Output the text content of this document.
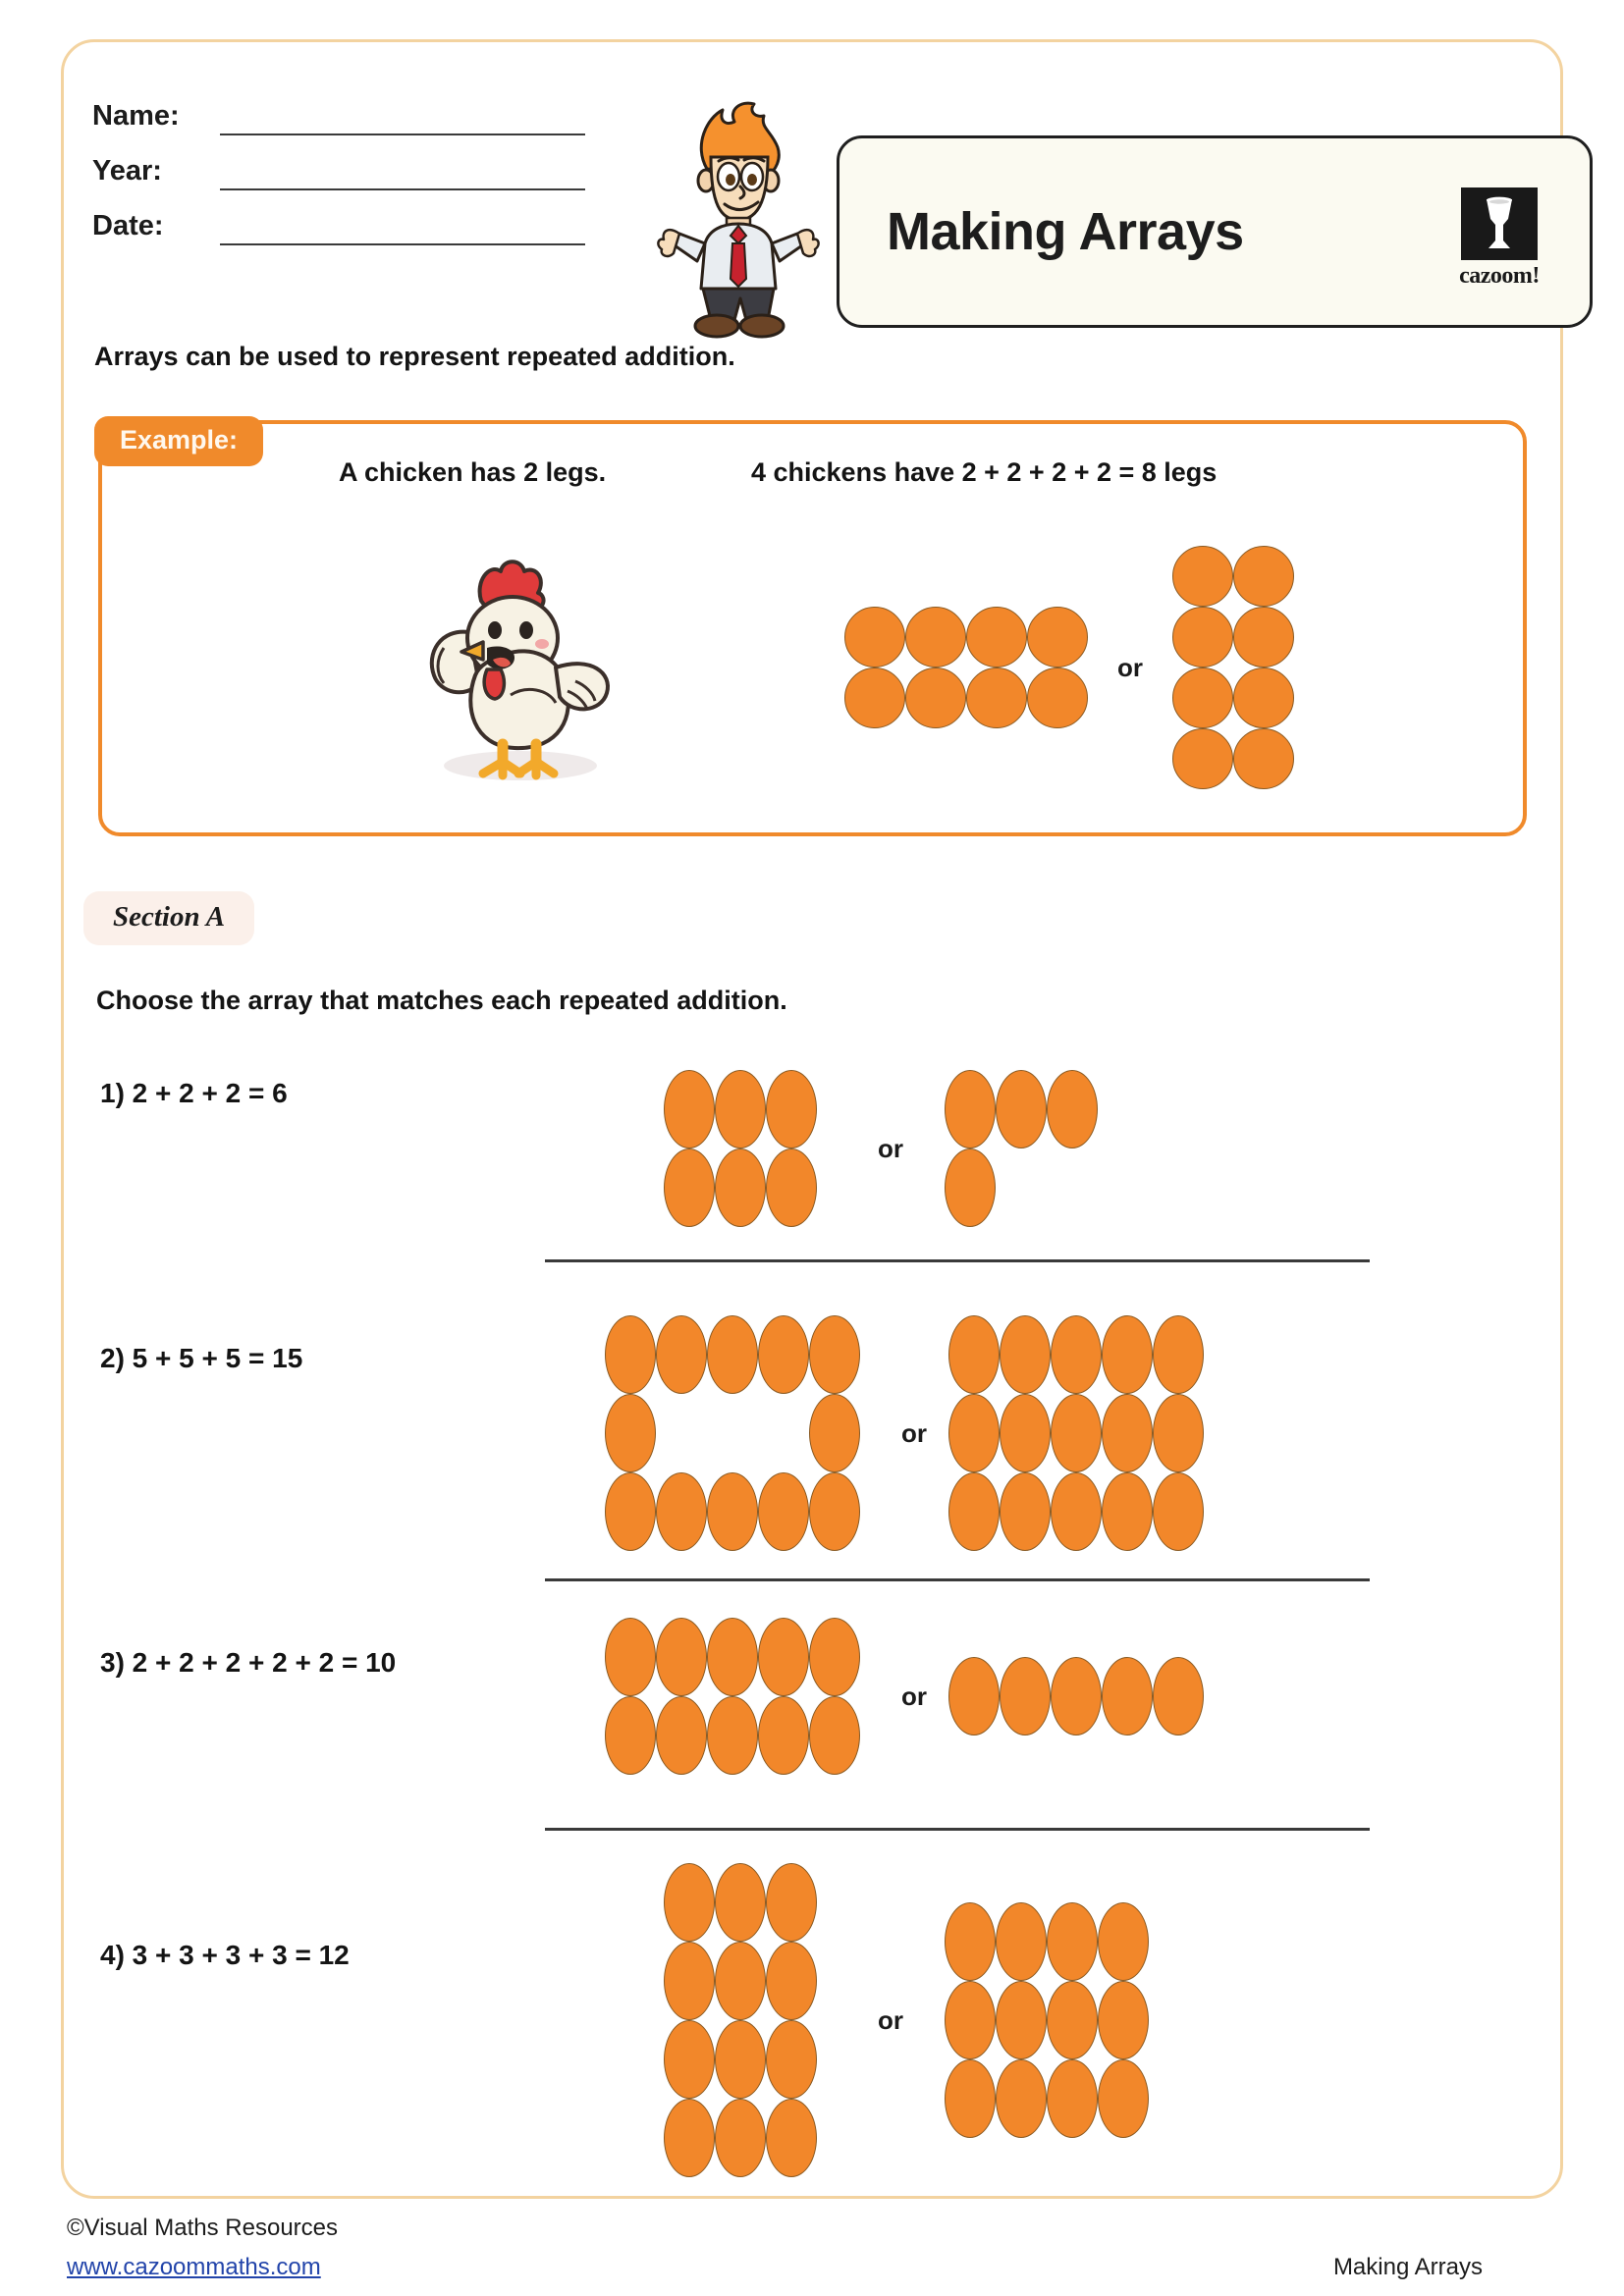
Name:
Year:
Date:	Making Arrays
cazoom!
Arrays can be used to represent repeated addition.
Example:
A chicken has 2 legs.	4 chickens have 2 + 2 + 2 + 2 = 8 legs
or
Section A
Choose the array that matches each repeated addition.
1) 2 + 2 + 2 = 6
or
2) 5 + 5 + 5 = 15
or
3) 2 + 2 + 2 + 2 + 2 = 10
or
4) 3 + 3 + 3 + 3 = 12
or
©Visual Maths Resources
www.cazoommaths.com	Making Arrays
